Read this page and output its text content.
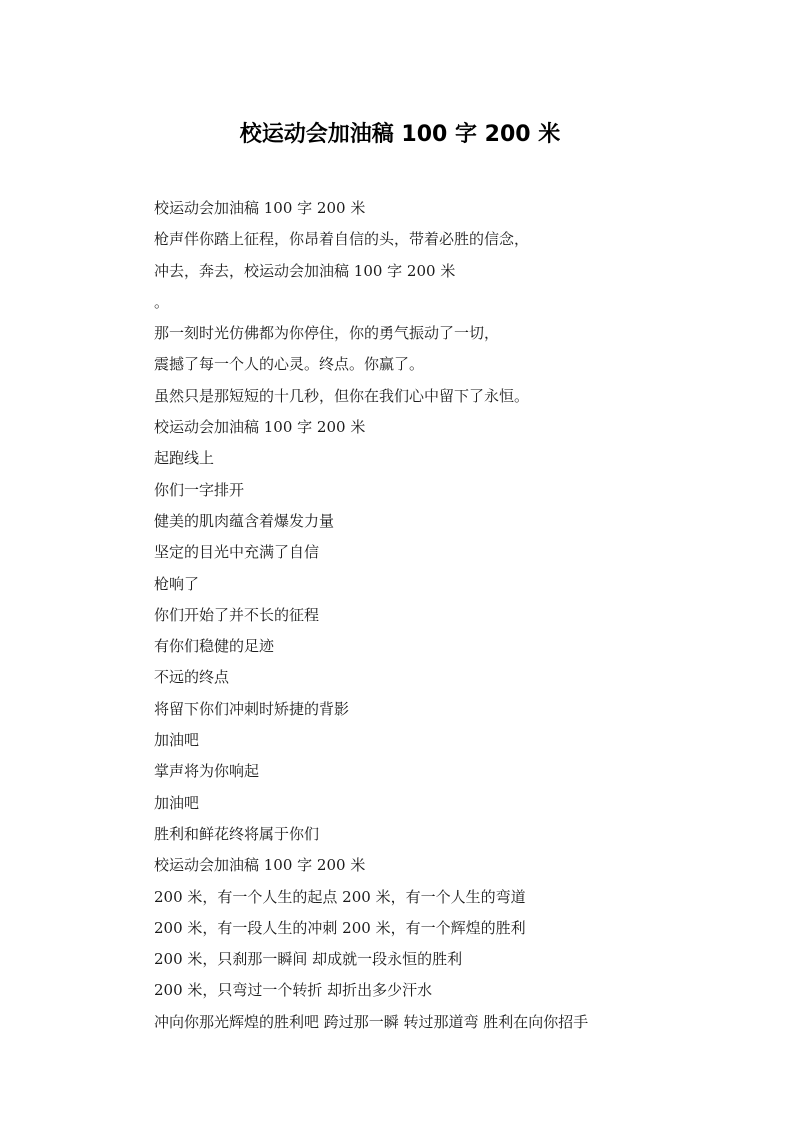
校运动会加油稿 100 字 200 米
校运动会加油稿 100 字 200 米
枪声伴你踏上征程，你昂着自信的头，带着必胜的信念，
冲去，奔去，校运动会加油稿 100 字 200 米
。
那一刻时光仿佛都为你停住，你的勇气振动了一切，
震撼了每一个人的心灵。终点。你赢了。
虽然只是那短短的十几秒，但你在我们心中留下了永恒。
校运动会加油稿 100 字 200 米
起跑线上
你们一字排开
健美的肌肉蕴含着爆发力量
坚定的目光中充满了自信
枪响了
你们开始了并不长的征程
有你们稳健的足迹
不远的终点
将留下你们冲刺时矫捷的背影
加油吧
掌声将为你响起
加油吧
胜利和鲜花终将属于你们
校运动会加油稿 100 字 200 米
200 米，有一个人生的起点 200 米，有一个人生的弯道
200 米，有一段人生的冲刺 200 米，有一个辉煌的胜利
200 米，只刹那一瞬间 却成就一段永恒的胜利
200 米，只弯过一个转折 却折出多少汗水
冲向你那光辉煌的胜利吧 跨过那一瞬 转过那道弯 胜利在向你招手
